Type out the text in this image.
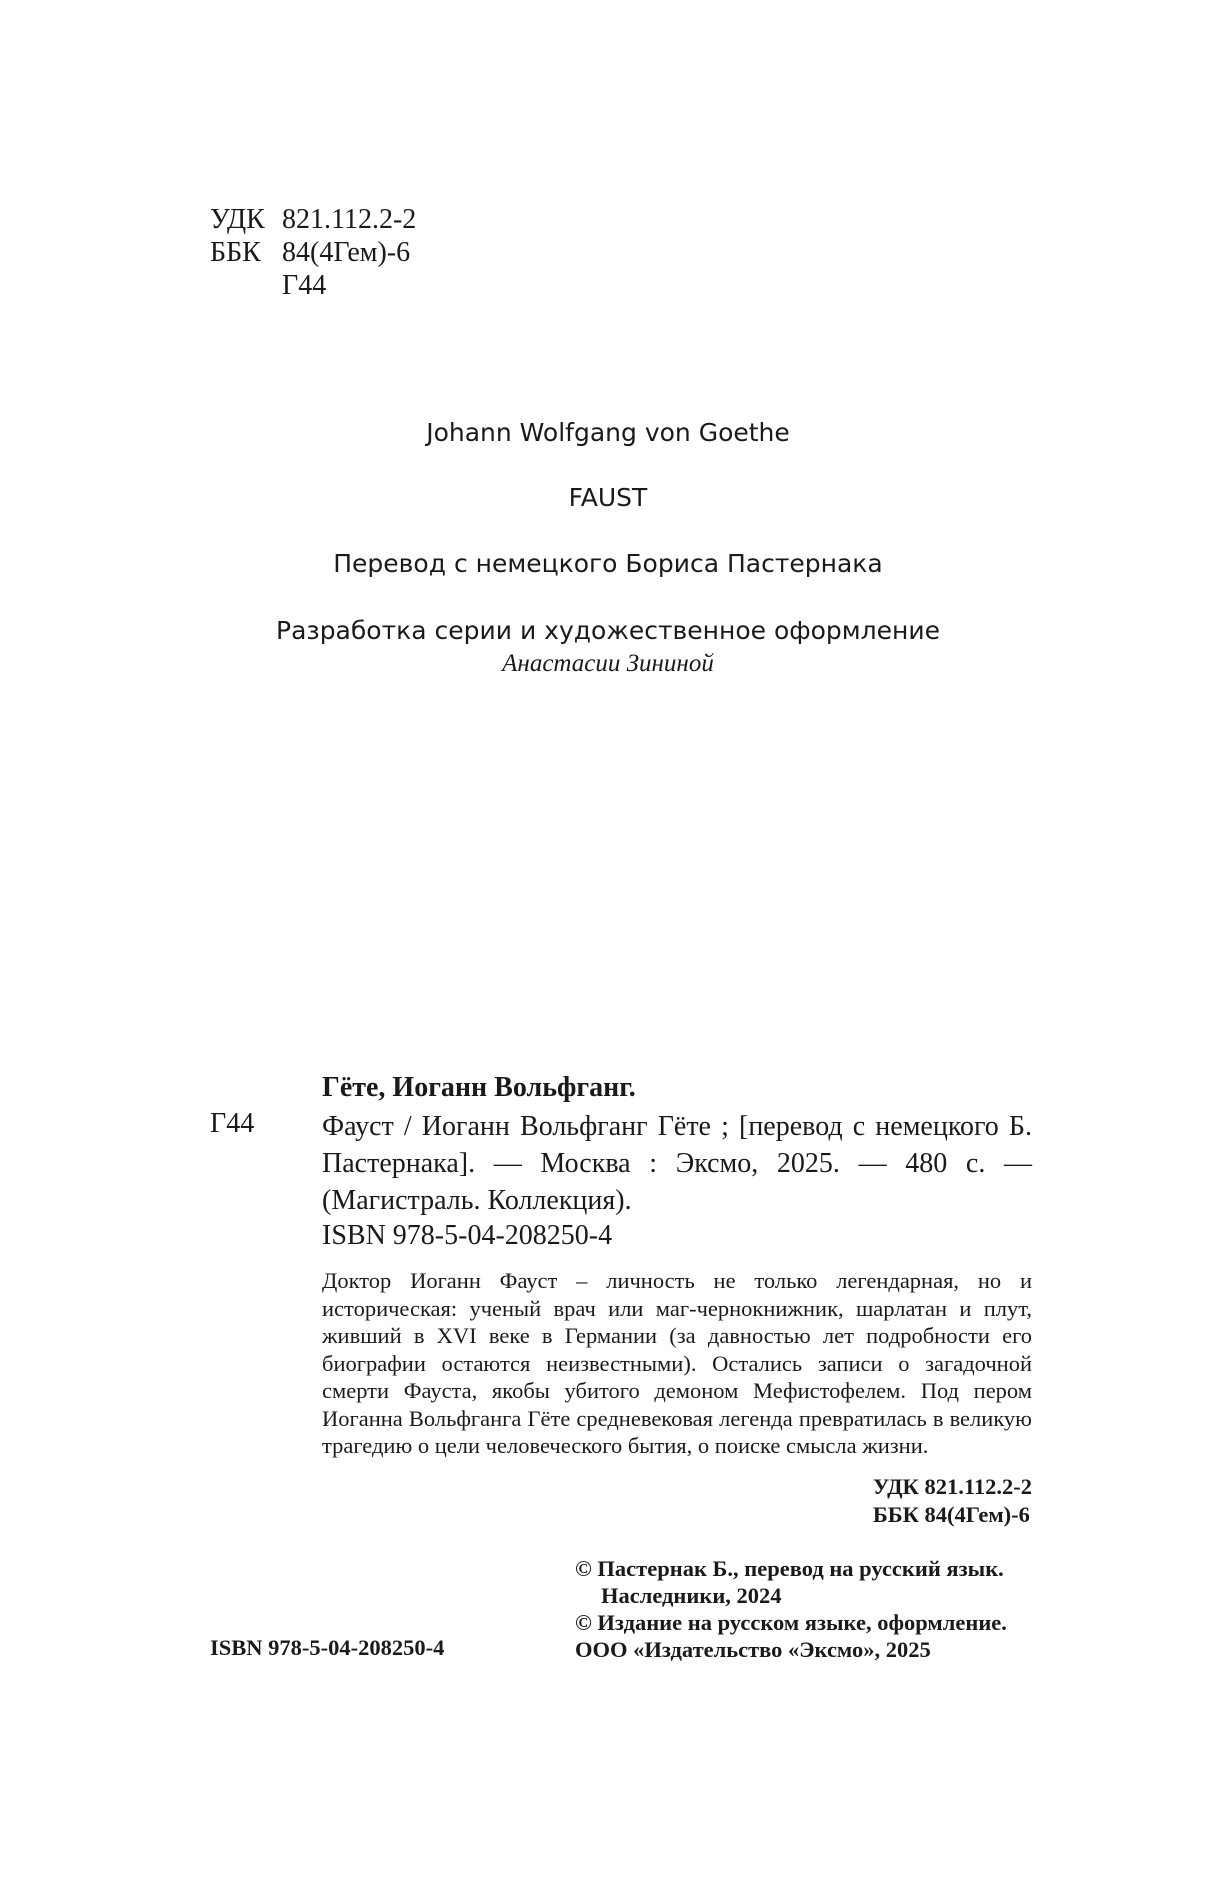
УДК 821.112.2-2
ББК 84(4Гем)-6
Г44
Johann Wolfgang von Goethe
FAUST
Перевод с немецкого Бориса Пастернака
Разработка серии и художественное оформление
Анастасии Зининой
Гёте, Иоганн Вольфганг.
Г44 Фауст / Иоганн Вольфганг Гёте ; [перевод с немецкого Б. Пастернака]. — Москва : Эксмо, 2025. — 480 с. — (Магистраль. Коллекция).
ISBN 978-5-04-208250-4
Доктор Иоганн Фауст – личность не только легендарная, но и историческая: ученый врач или маг-чернокнижник, шарлатан и плут, живший в XVI веке в Германии (за давностью лет подробности его биографии остаются неизвестными). Остались записи о загадочной смерти Фауста, якобы убитого демоном Мефистофелем. Под пером Иоганна Вольфганга Гёте средневековая легенда превратилась в великую трагедию о цели человеческого бытия, о поиске смысла жизни.
УДК 821.112.2-2
ББК 84(4Гем)-6
© Пастернак Б., перевод на русский язык.
Наследники, 2024
© Издание на русском языке, оформление.
ООО «Издательство «Эксмо», 2025
ISBN 978-5-04-208250-4
